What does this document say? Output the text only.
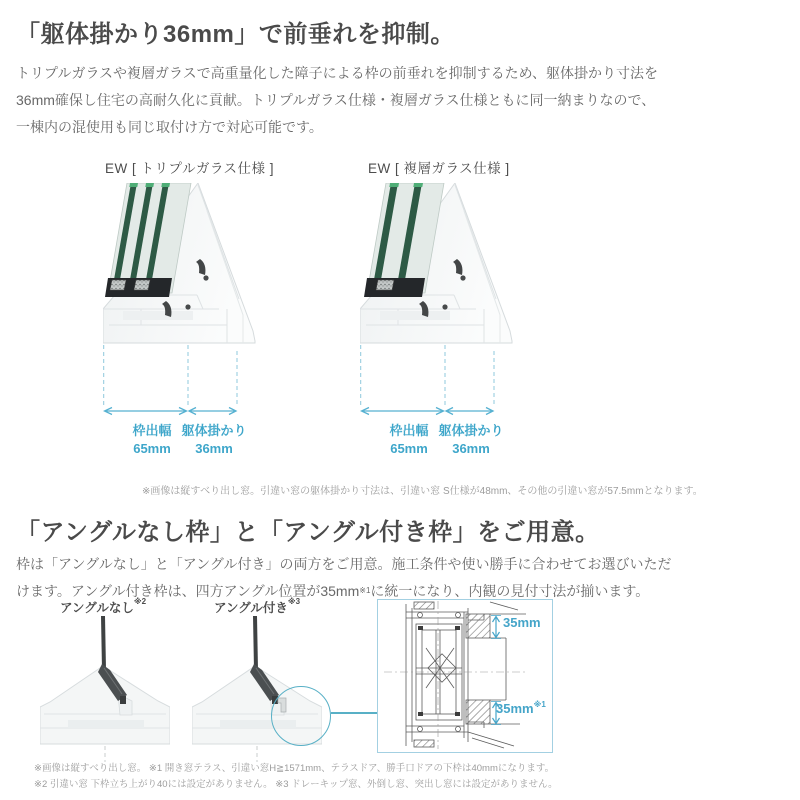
「躯体掛かり36mm」で前垂れを抑制。
トリプルガラスや複層ガラスで高重量化した障子による枠の前垂れを抑制するため、躯体掛かり寸法を
36mm確保し住宅の高耐久化に貢献。トリプルガラス仕様・複層ガラス仕様ともに同一納まりなので、
一棟内の混使用も同じ取付け方で対応可能です。
EW [ トリプルガラス仕様 ]	EW [ 複層ガラス仕様 ]
枠出幅
65mm
躯体掛かり
36mm
枠出幅
65mm
躯体掛かり
36mm
※画像は縦すべり出し窓。引違い窓の躯体掛かり寸法は、引違い窓 S仕様が48mm、その他の引違い窓が57.5mmとなります。
「アングルなし枠」と「アングル付き枠」をご用意。
枠は「アングルなし」と「アングル付き」の両方をご用意。施工条件や使い勝手に合わせてお選びいただ
けます。アングル付き枠は、四方アングル位置が$35mm^{※1}$に統一になり、内観の見付寸法が揃います。
アングルなし$^{※2}$	アングル付き$^{※3}$
35mm
$35mm^{※1}$
※画像は縦すべり出し窓。 ※1 開き窓テラス、引違い窓H≧1571mm、テラスドア、勝手口ドアの下枠は40mmになります。
※2 引違い窓 下枠立ち上がり40には設定がありません。 ※3 ドレーキップ窓、外倒し窓、突出し窓には設定がありません。
